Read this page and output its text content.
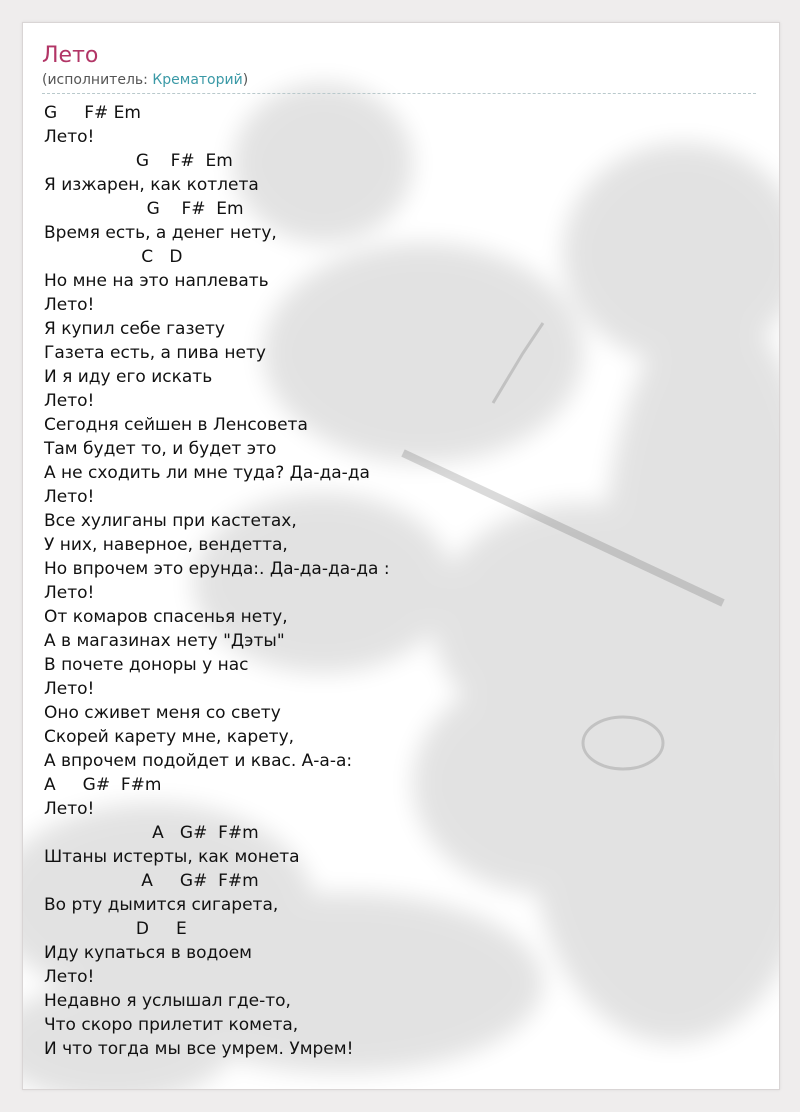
Лето
(исполнитель: Крематорий)
G     F# Em
Лето!
G    F#  Em
Я изжарен, как котлета
G    F#  Em
Время есть, а денег нету,
C   D
Но мне на это наплевать
Лето!
Я купил себе газету
Газета есть, а пива нету
И я иду его искать
Лето!
Сегодня сейшен в Ленсовета
Там будет то, и будет это
А не сходить ли мне туда? Да-да-да
Лето!
Все хулиганы при кастетах,
У них, наверное, вендетта,
Но впрочем это ерунда:. Да-да-да-да :
Лето!
От комаров спасенья нету,
А в магазинах нету "Дэты"
В почете доноры у нас
Лето!
Оно сживет меня со свету
Скорей карету мне, карету,
А впрочем подойдет и квас. А-а-а:
A     G#  F#m
Лето!
A   G#  F#m
Штаны истерты, как монета
A     G#  F#m
Во рту дымится сигарета,
D     E
Иду купаться в водоем
Лето!
Недавно я услышал где-то,
Что скоро прилетит комета,
И что тогда мы все умрем. Умрем!
